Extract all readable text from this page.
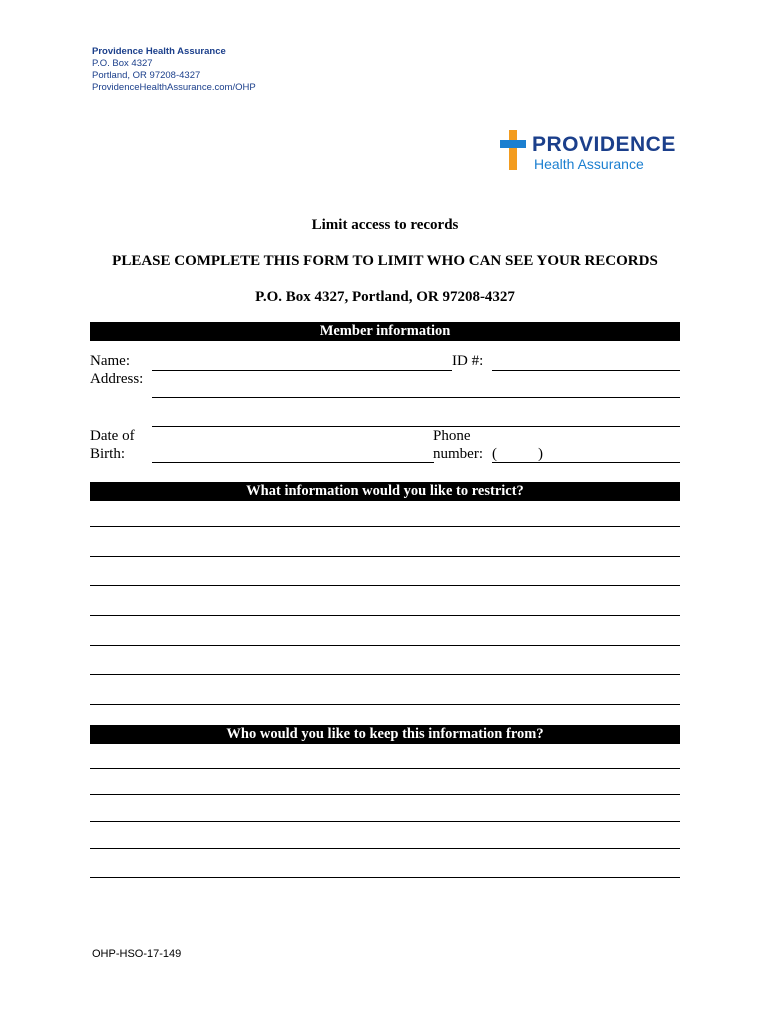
Providence Health Assurance
P.O. Box 4327
Portland, OR 97208-4327
ProvidenceHealthAssurance.com/OHP
PROVIDENCE
Health Assurance
Limit access to records
PLEASE COMPLETE THIS FORM TO LIMIT WHO CAN SEE YOUR RECORDS
P.O. Box 4327, Portland, OR 97208-4327
Member information
Name:	ID #:
Address:
Date of
Birth:
Phone
number: (	)
What information would you like to restrict?
Who would you like to keep this information from?
OHP-HSO-17-149
